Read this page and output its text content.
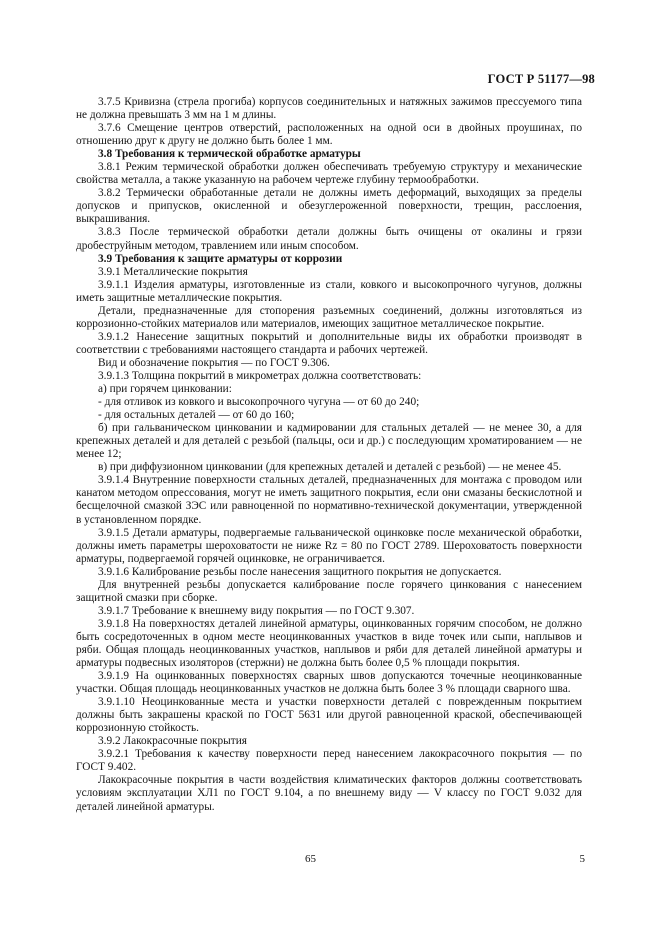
ГОСТ Р 51177—98

3.7.5 Кривизна (стрела прогиба) корпусов соединительных и натяжных зажимов прессуемого типа не должна превышать 3 мм на 1 м длины.

3.7.6 Смещение центров отверстий, расположенных на одной оси в двойных проушинах, по отношению друг к другу не должно быть более 1 мм.

3.8 Требования к термической обработке арматуры

3.8.1 Режим термической обработки должен обеспечивать требуемую структуру и механические свойства металла, а также указанную на рабочем чертеже глубину термообработки.

3.8.2 Термически обработанные детали не должны иметь деформаций, выходящих за пределы допусков и припусков, окисленной и обезуглероженной поверхности, трещин, расслоения, выкрашивания.

3.8.3 После термической обработки детали должны быть очищены от окалины и грязи дробеструйным методом, травлением или иным способом.

3.9 Требования к защите арматуры от коррозии

3.9.1 Металлические покрытия

3.9.1.1 Изделия арматуры, изготовленные из стали, ковкого и высокопрочного чугунов, должны иметь защитные металлические покрытия.

Детали, предназначенные для стопорения разъемных соединений, должны изготовляться из коррозионно-стойких материалов или материалов, имеющих защитное металлическое покрытие.

3.9.1.2 Нанесение защитных покрытий и дополнительные виды их обработки производят в соответствии с требованиями настоящего стандарта и рабочих чертежей.

Вид и обозначение покрытия — по ГОСТ 9.306.

3.9.1.3 Толщина покрытий в микрометрах должна соответствовать:

а) при горячем цинковании:

- для отливок из ковкого и высокопрочного чугуна — от 60 до 240;

- для остальных деталей — от 60 до 160;

б) при гальваническом цинковании и кадмировании для стальных деталей — не менее 30, а для крепежных деталей и для деталей с резьбой (пальцы, оси и др.) с последующим хроматированием — не менее 12;

в) при диффузионном цинковании (для крепежных деталей и деталей с резьбой) — не менее 45.

3.9.1.4 Внутренние поверхности стальных деталей, предназначенных для монтажа с проводом или канатом методом опрессования, могут не иметь защитного покрытия, если они смазаны бескислотной и бесщелочной смазкой ЗЭС или равноценной по нормативно-технической документации, утвержденной в установленном порядке.

3.9.1.5 Детали арматуры, подвергаемые гальванической оцинковке после механической обработки, должны иметь параметры шероховатости не ниже Rz = 80 по ГОСТ 2789. Шероховатость поверхности арматуры, подвергаемой горячей оцинковке, не ограничивается.

3.9.1.6 Калибрование резьбы после нанесения защитного покрытия не допускается.

Для внутренней резьбы допускается калибрование после горячего цинкования с нанесением защитной смазки при сборке.

3.9.1.7 Требование к внешнему виду покрытия — по ГОСТ 9.307.

3.9.1.8 На поверхностях деталей линейной арматуры, оцинкованных горячим способом, не должно быть сосредоточенных в одном месте неоцинкованных участков в виде точек или сыпи, наплывов и ряби. Общая площадь неоцинкованных участков, наплывов и ряби для деталей линейной арматуры и арматуры подвесных изоляторов (стержни) не должна быть более 0,5 % площади покрытия.

3.9.1.9 На оцинкованных поверхностях сварных швов допускаются точечные неоцинкованные участки. Общая площадь неоцинкованных участков не должна быть более 3 % площади сварного шва.

3.9.1.10 Неоцинкованные места и участки поверхности деталей с поврежденным покрытием должны быть закрашены краской по ГОСТ 5631 или другой равноценной краской, обеспечивающей коррозионную стойкость.

3.9.2 Лакокрасочные покрытия

3.9.2.1 Требования к качеству поверхности перед нанесением лакокрасочного покрытия — по ГОСТ 9.402.

Лакокрасочные покрытия в части воздействия климатических факторов должны соответствовать условиям эксплуатации ХЛ1 по ГОСТ 9.104, а по внешнему виду — V классу по ГОСТ 9.032 для деталей линейной арматуры.

65	5
